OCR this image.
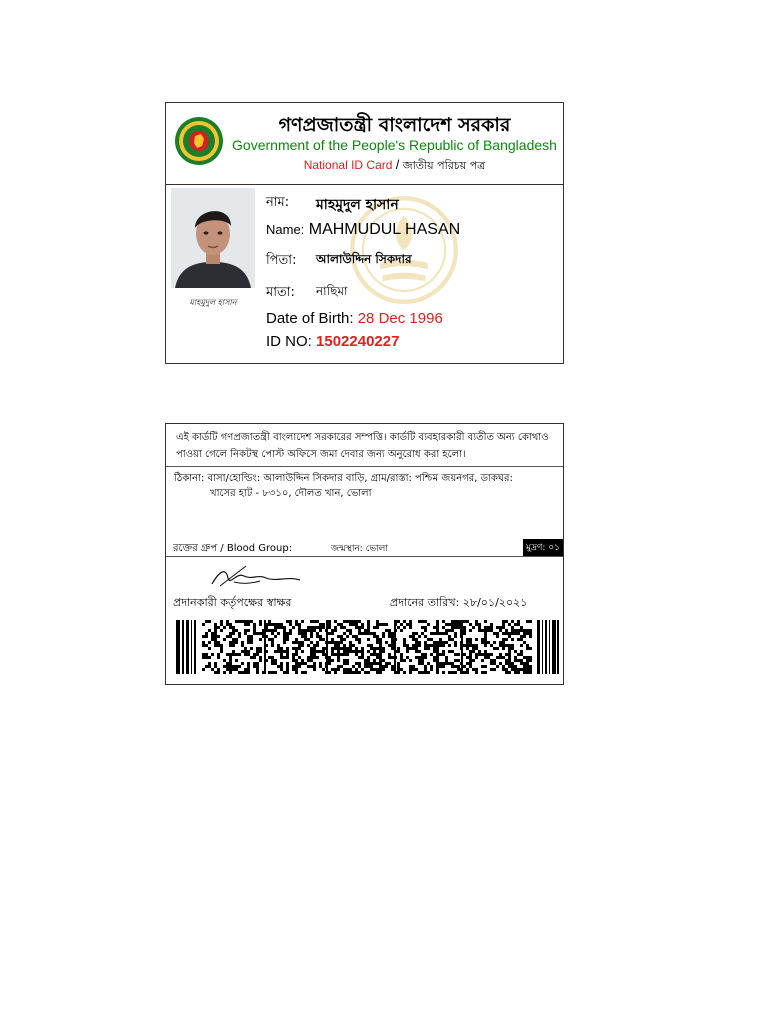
গণপ্রজাতন্ত্রী বাংলাদেশ সরকার
Government of the People's Republic of Bangladesh
National ID Card / জাতীয় পরিচয় পত্র
মাহমুদুল হাসান
নাম: মাহমুদুল হাসান
Name: MAHMUDUL HASAN
পিতা: আলাউদ্দিন সিকদার
মাতা: নাছিমা
Date of Birth: 28 Dec 1996
ID NO: 1502240227
এই কার্ডটি গণপ্রজাতন্ত্রী বাংলাদেশ সরকারের সম্পত্তি। কার্ডটি ব্যবহারকারী ব্যতীত অন্য কোথাও পাওয়া গেলে নিকটস্থ পোস্ট অফিসে জমা দেবার জন্য অনুরোধ করা হলো।
ঠিকানা: বাসা/হোল্ডিং: আলাউদ্দিন সিকদার বাড়ি, গ্রাম/রাস্তা: পশ্চিম জয়নগর, ডাকঘর:
খাসের হাট - ৮৩১০, দৌলত খান, ভোলা
রক্তের গ্রুপ / Blood Group:	জন্মস্থান: ভোলা	মুদ্রণ: ০১
প্রদানকারী কর্তৃপক্ষের স্বাক্ষর	প্রদানের তারিখ: ২৮/০১/২০২১
